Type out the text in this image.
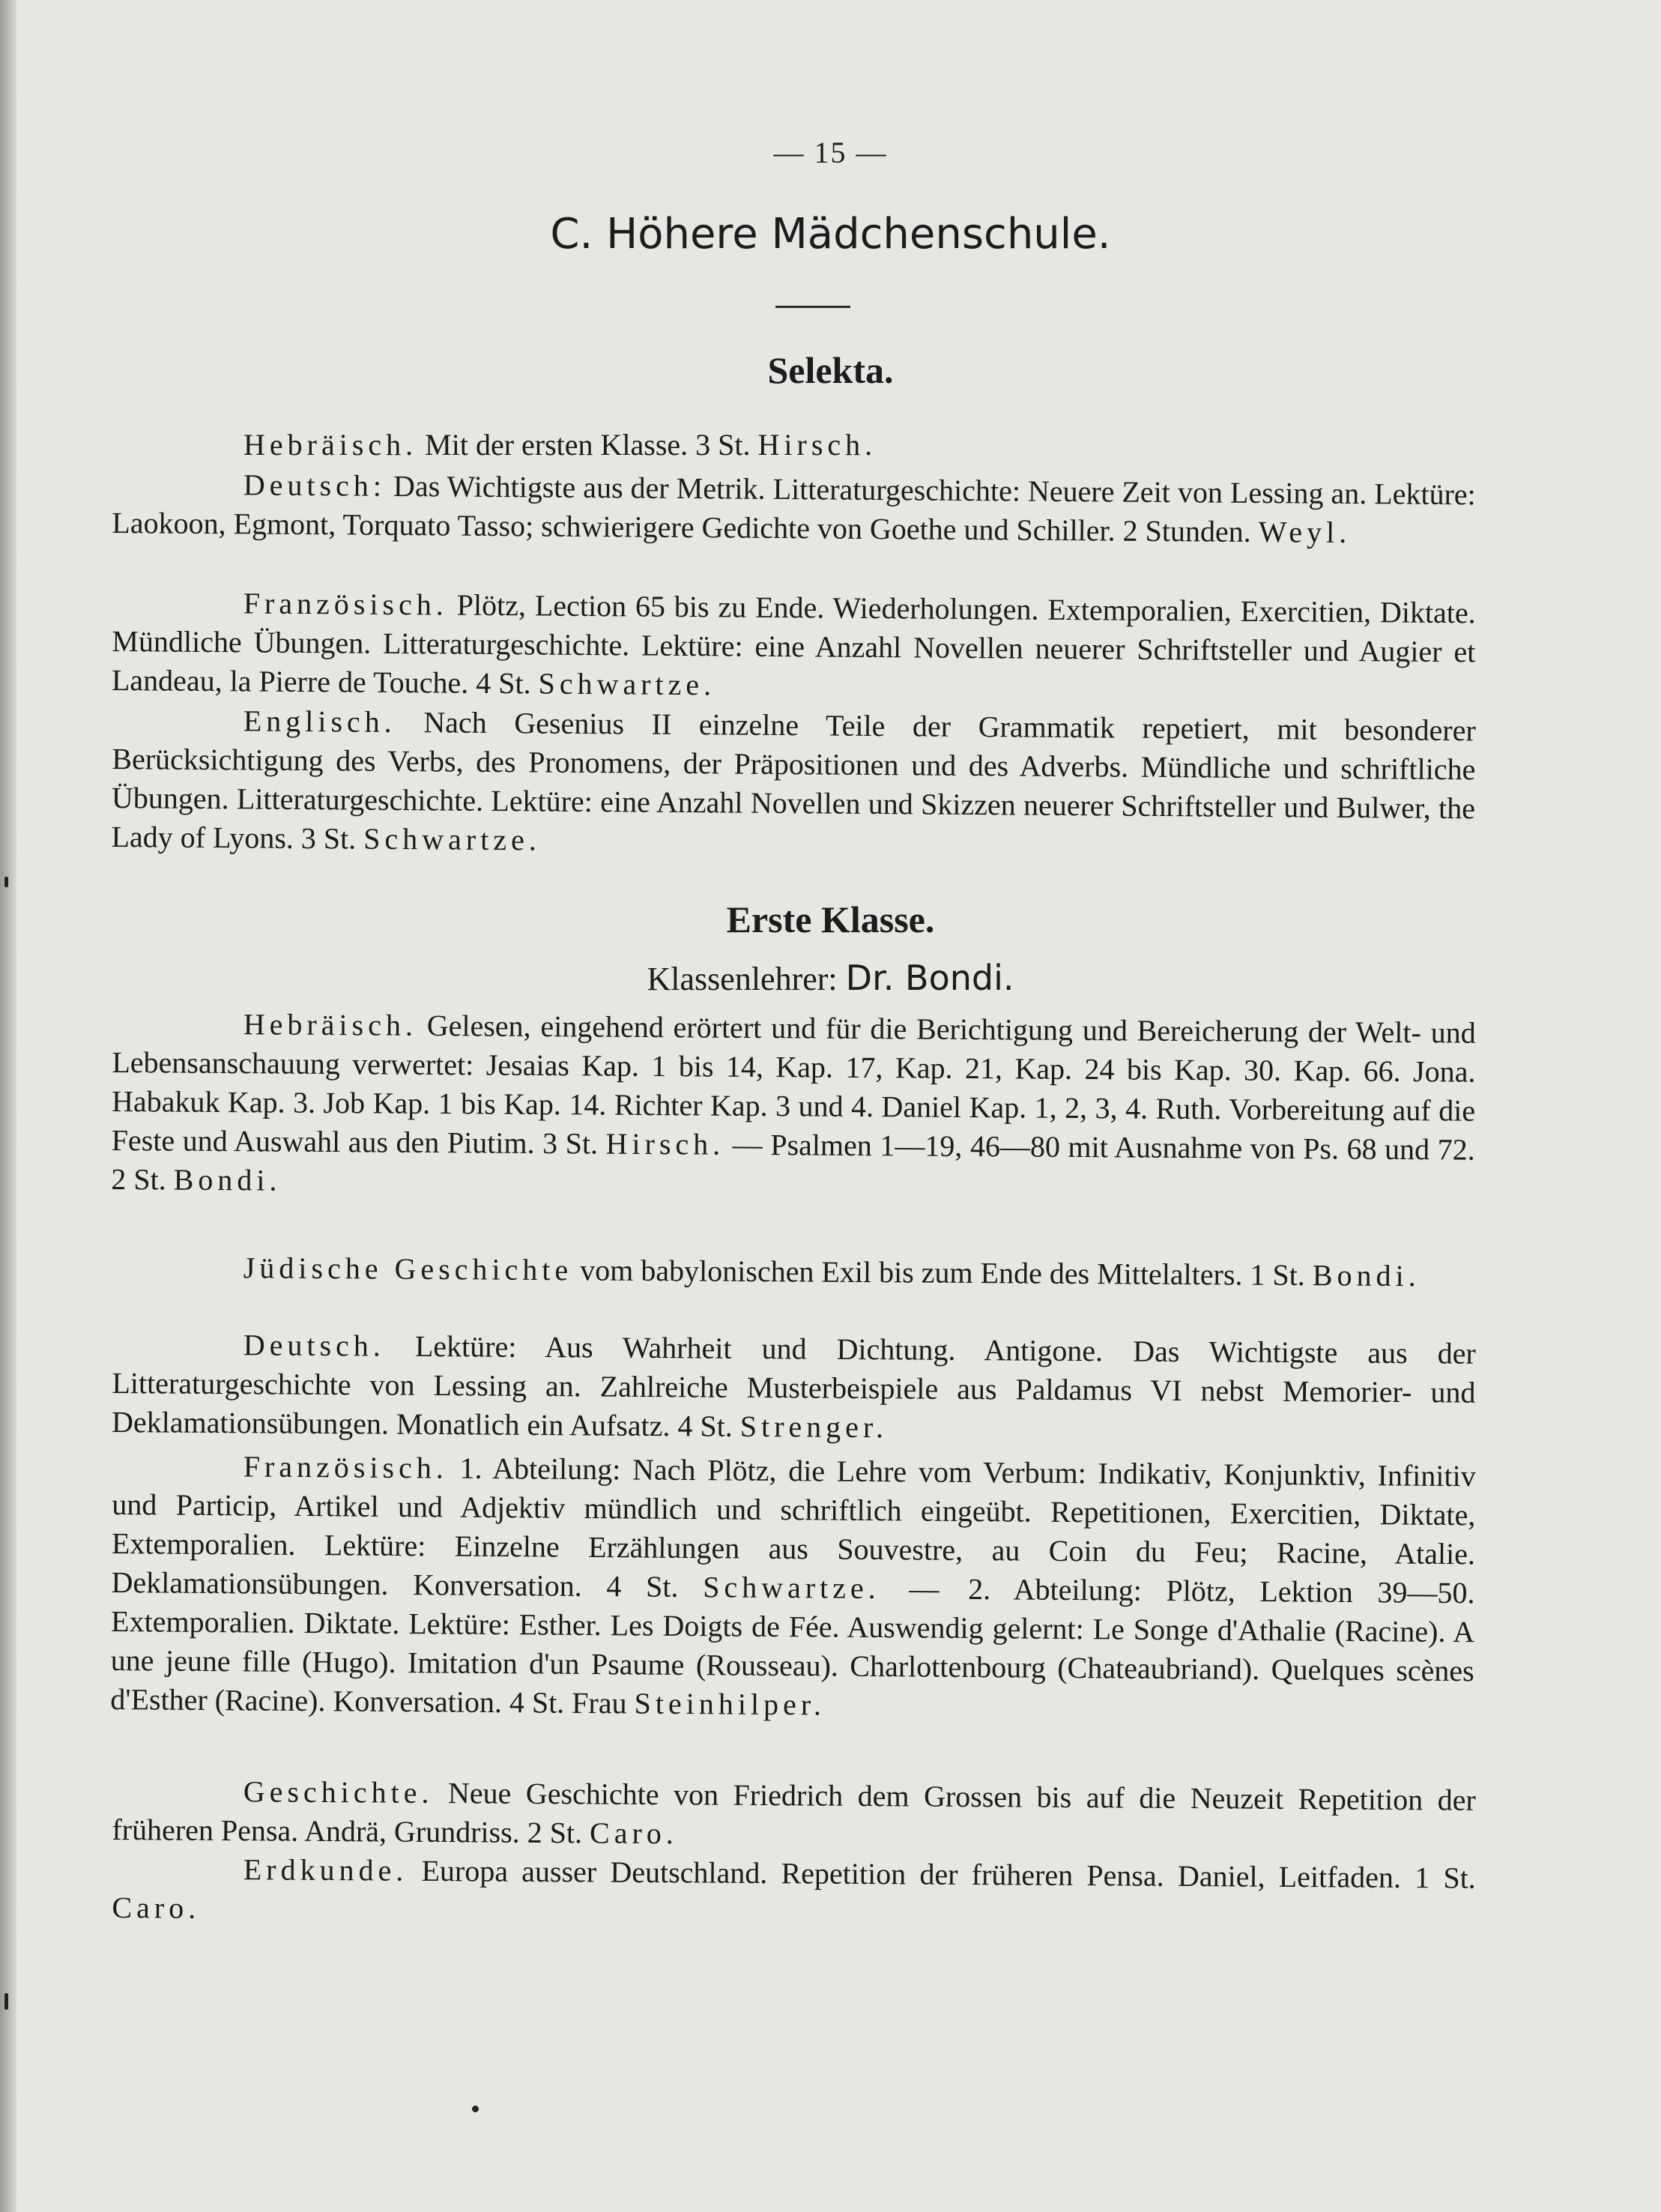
— 15 —
C. Höhere Mädchenschule.
Selekta.
Hebräisch. Mit der ersten Klasse. 3 St. Hirsch.
Deutsch: Das Wichtigste aus der Metrik. Litteraturgeschichte: Neuere Zeit von Lessing an. Lektüre: Laokoon, Egmont, Torquato Tasso; schwierigere Gedichte von Goethe und Schiller. 2 Stunden. Weyl.
Französisch. Plötz, Lection 65 bis zu Ende. Wiederholungen. Extemporalien, Exercitien, Diktate. Mündliche Übungen. Litteraturgeschichte. Lektüre: eine Anzahl Novellen neuerer Schriftsteller und Augier et Landeau, la Pierre de Touche. 4 St. Schwartze.
Englisch. Nach Gesenius II einzelne Teile der Grammatik repetiert, mit besonderer Berücksichtigung des Verbs, des Pronomens, der Präpositionen und des Adverbs. Mündliche und schriftliche Übungen. Litteraturgeschichte. Lektüre: eine Anzahl Novellen und Skizzen neuerer Schriftsteller und Bulwer, the Lady of Lyons. 3 St. Schwartze.
Erste Klasse.
Klassenlehrer: Dr. Bondi.
Hebräisch. Gelesen, eingehend erörtert und für die Berichtigung und Bereicherung der Welt- und Lebensanschauung verwertet: Jesaias Kap. 1 bis 14, Kap. 17, Kap. 21, Kap. 24 bis Kap. 30. Kap. 66. Jona. Habakuk Kap. 3. Job Kap. 1 bis Kap. 14. Richter Kap. 3 und 4. Daniel Kap. 1, 2, 3, 4. Ruth. Vorbereitung auf die Feste und Auswahl aus den Piutim. 3 St. Hirsch. — Psalmen 1—19, 46—80 mit Ausnahme von Ps. 68 und 72. 2 St. Bondi.
Jüdische Geschichte vom babylonischen Exil bis zum Ende des Mittelalters. 1 St. Bondi.
Deutsch. Lektüre: Aus Wahrheit und Dichtung. Antigone. Das Wichtigste aus der Litteraturgeschichte von Lessing an. Zahlreiche Musterbeispiele aus Paldamus VI nebst Memorier- und Deklamationsübungen. Monatlich ein Aufsatz. 4 St. Strenger.
Französisch. 1. Abteilung: Nach Plötz, die Lehre vom Verbum: Indikativ, Konjunktiv, Infinitiv und Particip, Artikel und Adjektiv mündlich und schriftlich eingeübt. Repetitionen, Exercitien, Diktate, Extemporalien. Lektüre: Einzelne Erzählungen aus Souvestre, au Coin du Feu; Racine, Atalie. Deklamationsübungen. Konversation. 4 St. Schwartze. — 2. Abteilung: Plötz, Lektion 39—50. Extemporalien. Diktate. Lektüre: Esther. Les Doigts de Fée. Auswendig gelernt: Le Songe d'Athalie (Racine). A une jeune fille (Hugo). Imitation d'un Psaume (Rousseau). Charlottenbourg (Chateaubriand). Quelques scènes d'Esther (Racine). Konversation. 4 St. Frau Steinhilper.
Geschichte. Neue Geschichte von Friedrich dem Grossen bis auf die Neuzeit Repetition der früheren Pensa. Andrä, Grundriss. 2 St. Caro.
Erdkunde. Europa ausser Deutschland. Repetition der früheren Pensa. Daniel, Leitfaden. 1 St. Caro.
